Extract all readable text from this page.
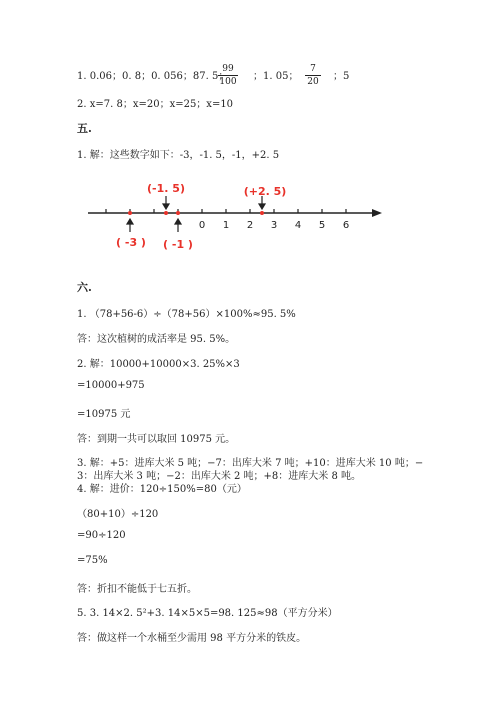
1. 0.06；0. 8；0. 056；87. 5；
99
100 ；1. 05；
7
20 ；5
2. x=7. 8；x=20；x=25；x=10
五.
1. 解：这些数字如下：-3，-1. 5，-1，+2. 5
0 1 2 3 4 5 6
(-1. 5)	(+2. 5)
( -3 ) ( -1 )
六.
1. （78+56-6）÷（78+56）×100%≈95. 5%
答：这次植树的成活率是 95. 5%。
2. 解：10000+10000×3. 25%×3
=10000+975
=10975 元
答：到期一共可以取回 10975 元。
3. 解：+5：进库大米 5 吨；−7：出库大米 7 吨；+10：进库大米 10 吨；−
3：出库大米 3 吨；−2：出库大米 2 吨；+8：进库大米 8 吨。
4. 解：进价：120÷150%=80（元）
（80+10）÷120
=90÷120
=75%
答：折扣不能低于七五折。
5. 3. 14×2. 5²+3. 14×5×5=98. 125≈98（平方分米）
答：做这样一个水桶至少需用 98 平方分米的铁皮。
